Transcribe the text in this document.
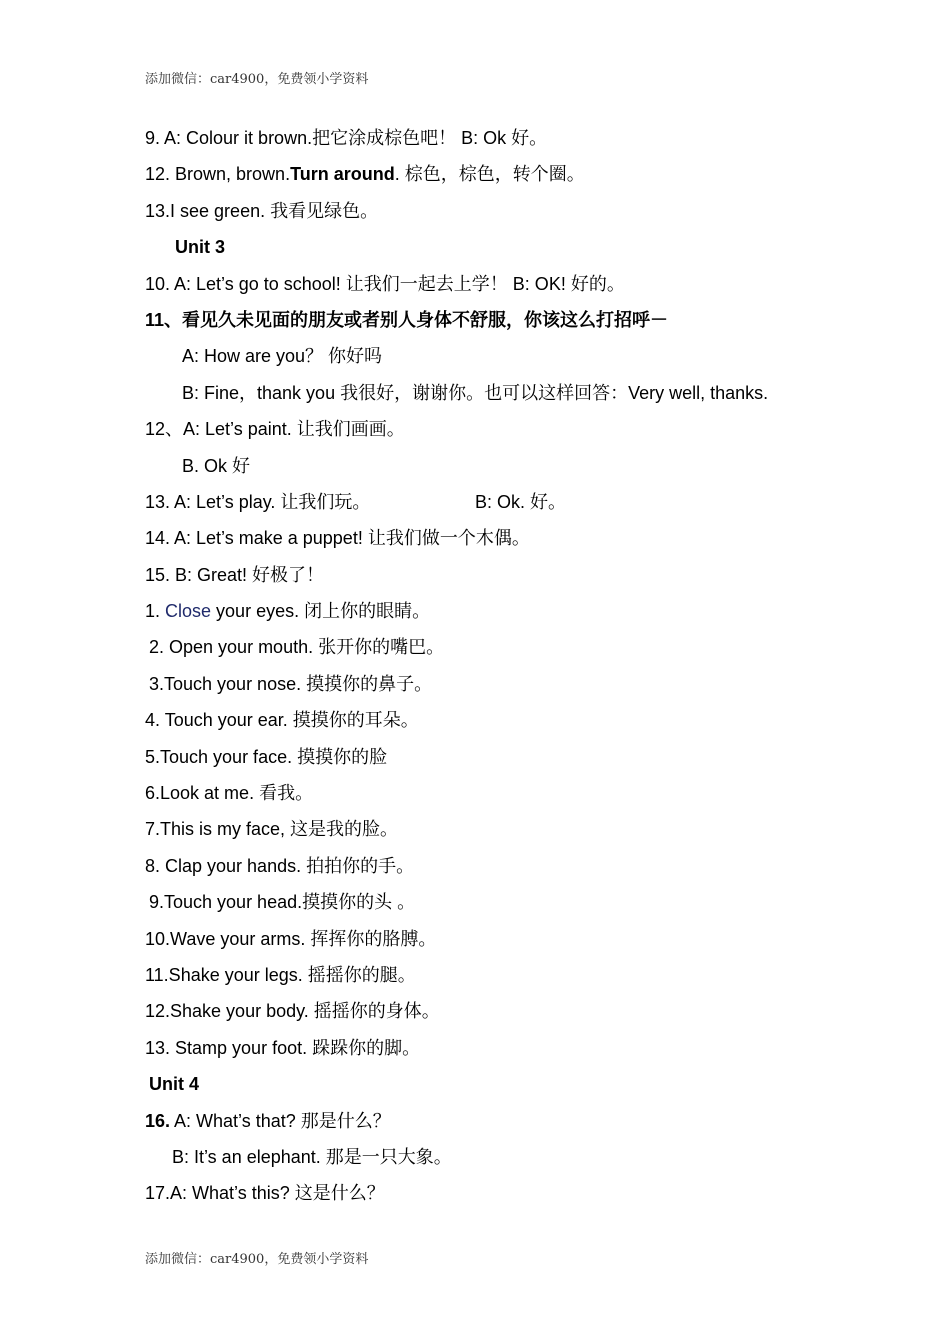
添加微信：car4900，免费领小学资料
9. A: Colour it brown.把它涂成棕色吧！ B: Ok 好。
12. Brown, brown.Turn around. 棕色，棕色，转个圈。
13.I see green. 我看见绿色。
Unit 3
10. A: Let’s go to school! 让我们一起去上学！ B: OK! 好的。
11、看见久未见面的朋友或者别人身体不舒服，你该这么打招呼－
A: How are you？ 你好吗
B: Fine，thank you 我很好，谢谢你。也可以这样回答：Very well, thanks.
12、A: Let’s paint. 让我们画画。
B. Ok 好
13. A: Let’s play. 让我们玩。	B: Ok. 好。
14. A: Let’s make a puppet! 让我们做一个木偶。
15. B: Great! 好极了！
1. Close your eyes. 闭上你的眼睛。
2. Open your mouth. 张开你的嘴巴。
3.Touch your nose. 摸摸你的鼻子。
4. Touch your ear. 摸摸你的耳朵。
5.Touch your face. 摸摸你的脸
6.Look at me. 看我。
7.This is my face, 这是我的脸。
8. Clap your hands. 拍拍你的手。
9.Touch your head.摸摸你的头 。
10.Wave your arms. 挥挥你的胳膊。
11.Shake your legs. 摇摇你的腿。
12.Shake your body. 摇摇你的身体。
13. Stamp your foot. 跺跺你的脚。
Unit 4
16. A: What’s that? 那是什么？
B: It’s an elephant. 那是一只大象。
17.A: What’s this? 这是什么？
添加微信：car4900，免费领小学资料
